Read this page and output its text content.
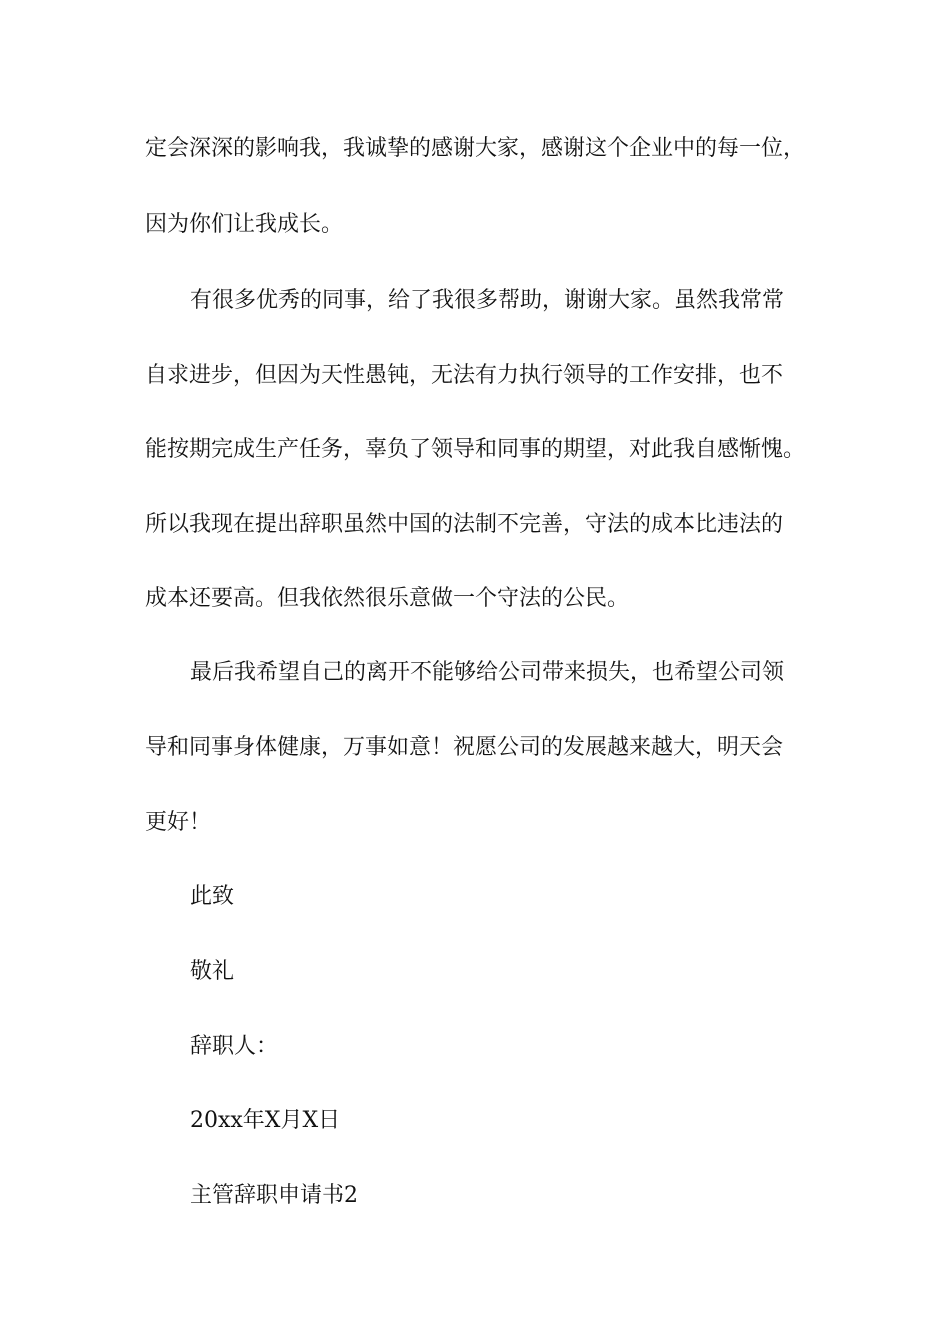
定会深深的影响我，我诚挚的感谢大家，感谢这个企业中的每一位，
因为你们让我成长。
有很多优秀的同事，给了我很多帮助，谢谢大家。虽然我常常
自求进步，但因为天性愚钝，无法有力执行领导的工作安排，也不
能按期完成生产任务，辜负了领导和同事的期望，对此我自感惭愧。
所以我现在提出辞职虽然中国的法制不完善，守法的成本比违法的
成本还要高。但我依然很乐意做一个守法的公民。
最后我希望自己的离开不能够给公司带来损失，也希望公司领
导和同事身体健康，万事如意！祝愿公司的发展越来越大，明天会
更好！
此致
敬礼
辞职人：
20xx年X月X日
主管辞职申请书2
